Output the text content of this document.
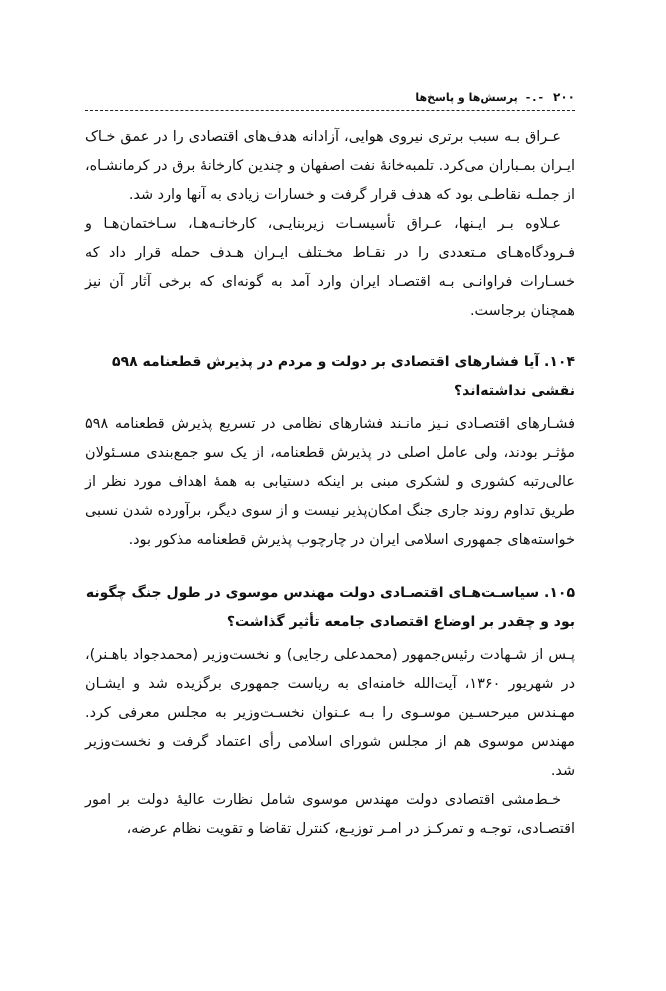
۲۰۰
-.-
پرسش‌ها و پاسخ‌ها

عـراق بـه سبب برتری نیروی هوایی، آزادانه هدف‌های اقتصادی را در عمق خـاک ایـران بمـباران می‌کرد. تلمبه‌خانهٔ نفت اصفهان و چندین کارخانهٔ برق در کرمانشـاه، از جملـه نقاطـی بود که هدف قرار گرفت و خسارات زیادی به آنها وارد شد.

عـلاوه بـر ایـنها، عـراق تأسیسـات زیربنایـی، کارخانـه‌هـا، سـاختمان‌هـا و فـرودگاه‌هـای مـتعددی را در نقـاط مخـتلف ایـران هـدف حمله قرار داد که خسـارات فراوانـی بـه اقتصـاد ایران وارد آمد به گونه‌ای که برخی آثار آن نیز همچنان برجاست.

۱۰۴. آیا فشارهای اقتصادی بر دولت و مردم در پذیرش قطعنامه ۵۹۸ نقشی نداشته‌اند؟

فشـارهای اقتصـادی نـیز مانـند فشارهای نظامی در تسریع پذیرش قطعنامه ۵۹۸ مؤثـر بودند، ولی عامل اصلی در پذیرش قطعنامه، از یک سو جمع‌بندی مسـئولان عالی‌رتبه کشوری و لشکری مبنی بر اینکه دستیابی به همهٔ اهداف مورد نظر از طریق تداوم روند جاری جنگ امکان‌پذیر نیست و از سوی دیگر، برآورده شدن نسبی خواسته‌های جمهوری اسلامی ایران در چارچوب پذیرش قطعنامه مذکور بود.

۱۰۵. سیاسـت‌هـای اقتصـادی دولت مهندس موسوی در طول جنگ چگونه بود و چقدر بر اوضاع اقتصادی جامعه تأثیر گذاشت؟

پـس از شـهادت رئیس‌جمهور (محمدعلی رجایی) و نخست‌وزیر (محمدجواد باهـنر)، در شهریور ۱۳۶۰، آیت‌الله خامنه‌ای به ریاست جمهوری برگزیده شد و ایشـان مهـندس میرحسـین موسـوی را بـه عـنوان نخسـت‌وزیر به مجلس معرفی کرد. مهندس موسوی هم از مجلس شورای اسلامی رأی اعتماد گرفت و نخست‌وزیر شد.

خـط‌مشی اقتصادی دولت مهندس موسوی شامل نظارت عالیهٔ دولت بر امور اقتصـادی، توجـه و تمرکـز در امـر توزیـع، کنترل تقاضا و تقویت نظام عرضه،
